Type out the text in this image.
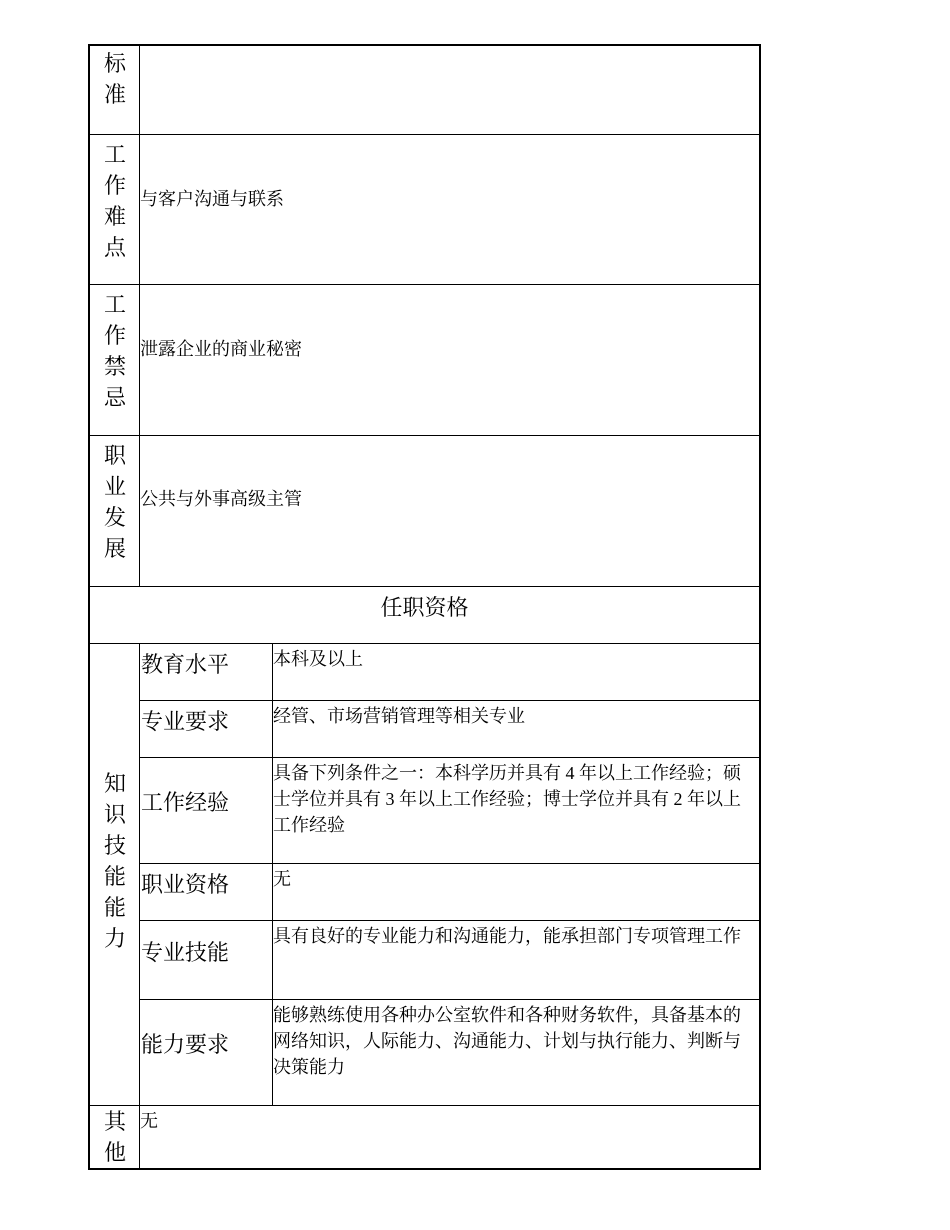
标
准
工
作
难
点
与客户沟通与联系
工
作
禁
忌
泄露企业的商业秘密
职
业
发
展
公共与外事高级主管
任职资格
知
识
技
能
能
力
教育水平 本科及以上
专业要求 经管、市场营销管理等相关专业
工作经验
具备下列条件之一：本科学历并具有 4 年以上工作经验；硕士学位并具有 3 年以上工作经验；博士学位并具有 2 年以上工作经验
职业资格 无
专业技能
具有良好的专业能力和沟通能力，能承担部门专项管理工作
能力要求
能够熟练使用各种办公室软件和各种财务软件，具备基本的网络知识，人际能力、沟通能力、计划与执行能力、判断与决策能力
其
他
无
